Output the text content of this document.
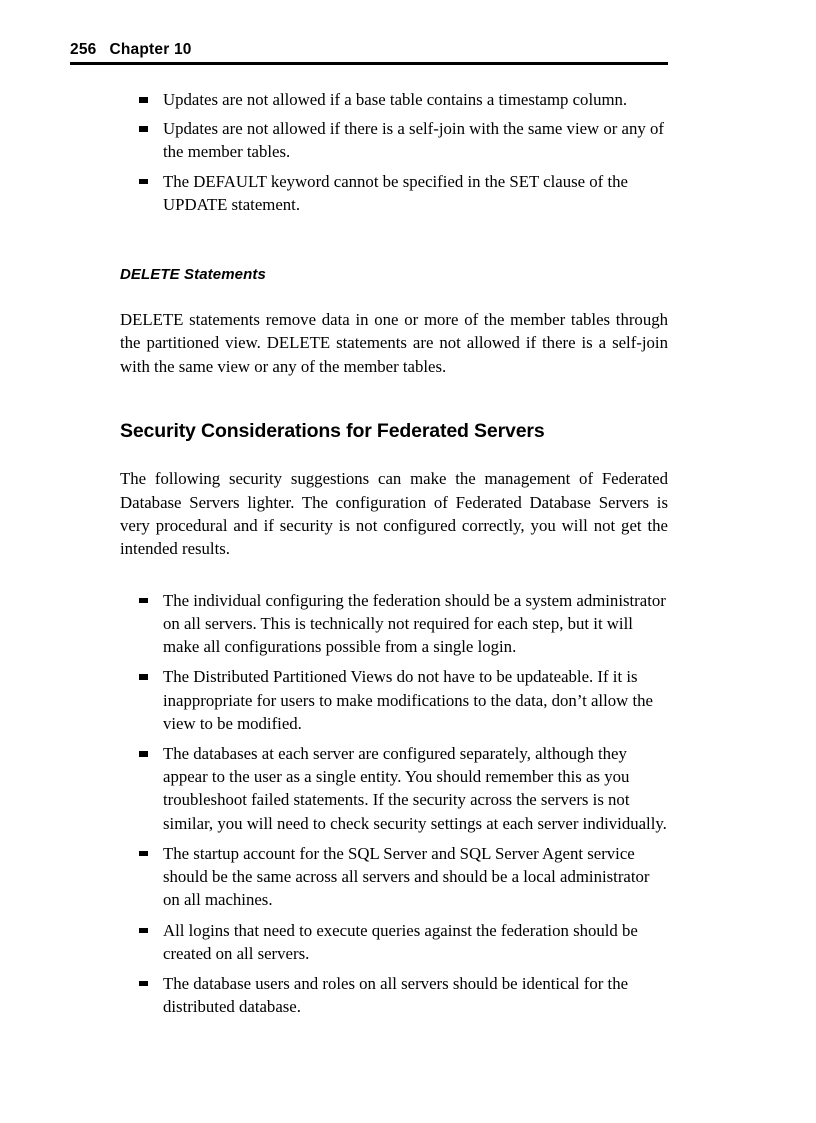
256 Chapter 10
Updates are not allowed if a base table contains a timestamp column.
Updates are not allowed if there is a self-join with the same view or any of the member tables.
The DEFAULT keyword cannot be specified in the SET clause of the UPDATE statement.
DELETE Statements

DELETE statements remove data in one or more of the member tables through the partitioned view. DELETE statements are not allowed if there is a self-join with the same view or any of the member tables.

Security Considerations for Federated Servers

The following security suggestions can make the management of Federated Database Servers lighter. The configuration of Federated Database Servers is very procedural and if security is not configured correctly, you will not get the intended results.

The individual configuring the federation should be a system administrator on all servers. This is technically not required for each step, but it will make all configurations possible from a single login.
The Distributed Partitioned Views do not have to be updateable. If it is inappropriate for users to make modifications to the data, don’t allow the view to be modified.
The databases at each server are configured separately, although they appear to the user as a single entity. You should remember this as you troubleshoot failed statements. If the security across the servers is not similar, you will need to check security settings at each server individually.
The startup account for the SQL Server and SQL Server Agent service should be the same across all servers and should be a local administrator on all machines.
All logins that need to execute queries against the federation should be created on all servers.
The database users and roles on all servers should be identical for the distributed database.
